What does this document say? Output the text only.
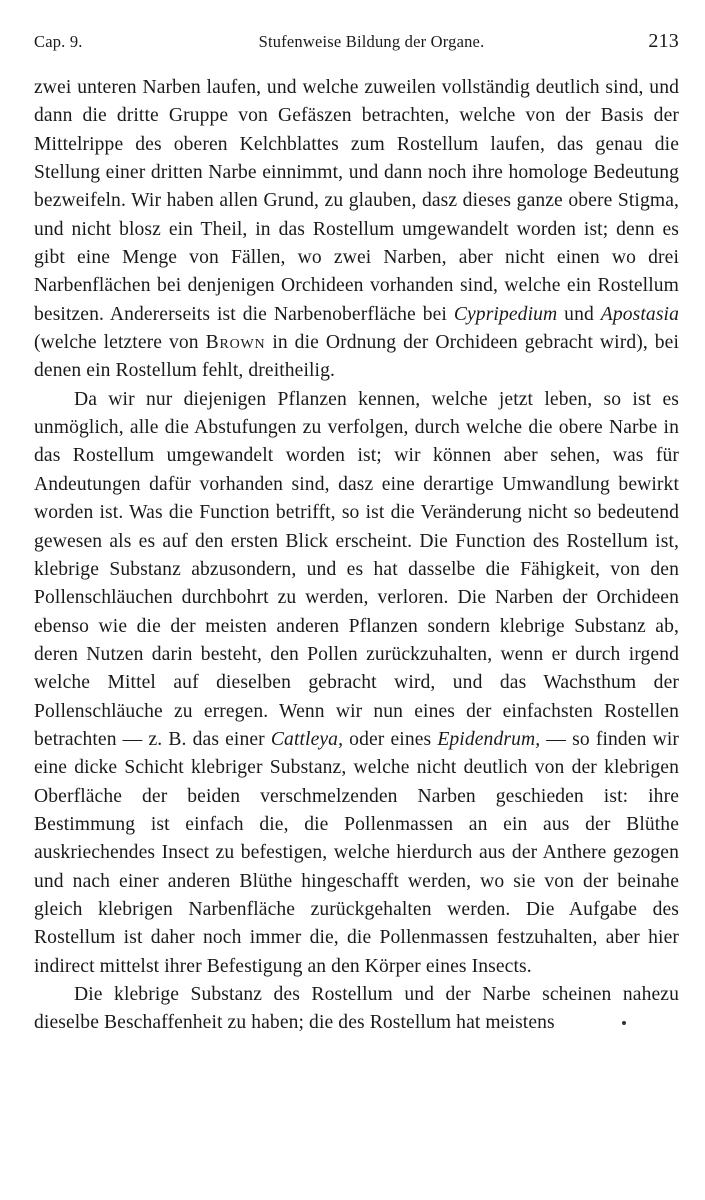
Cap. 9.	Stufenweise Bildung der Organe.	213

zwei unteren Narben laufen, und welche zuweilen vollständig deutlich sind, und dann die dritte Gruppe von Gefäszen betrachten, welche von der Basis der Mittelrippe des oberen Kelchblattes zum Rostellum laufen, das genau die Stellung einer dritten Narbe einnimmt, und dann noch ihre homologe Bedeutung bezweifeln. Wir haben allen Grund, zu glauben, dasz dieses ganze obere Stigma, und nicht blosz ein Theil, in das Rostellum umgewandelt worden ist; denn es gibt eine Menge von Fällen, wo zwei Narben, aber nicht einen wo drei Narbenflächen bei denjenigen Orchideen vorhanden sind, welche ein Rostellum besitzen. Andererseits ist die Narbenoberfläche bei Cypripedium und Apostasia (welche letztere von Brown in die Ordnung der Orchideen gebracht wird), bei denen ein Rostellum fehlt, dreitheilig.

Da wir nur diejenigen Pflanzen kennen, welche jetzt leben, so ist es unmöglich, alle die Abstufungen zu verfolgen, durch welche die obere Narbe in das Rostellum umgewandelt worden ist; wir können aber sehen, was für Andeutungen dafür vorhanden sind, dasz eine derartige Umwandlung bewirkt worden ist. Was die Function betrifft, so ist die Veränderung nicht so bedeutend gewesen als es auf den ersten Blick erscheint. Die Function des Rostellum ist, klebrige Substanz abzusondern, und es hat dasselbe die Fähigkeit, von den Pollenschläuchen durchbohrt zu werden, verloren. Die Narben der Orchideen ebenso wie die der meisten anderen Pflanzen sondern klebrige Substanz ab, deren Nutzen darin besteht, den Pollen zurückzuhalten, wenn er durch irgend welche Mittel auf dieselben gebracht wird, und das Wachsthum der Pollenschläuche zu erregen. Wenn wir nun eines der einfachsten Rostellen betrachten — z. B. das einer Cattleya, oder eines Epidendrum, — so finden wir eine dicke Schicht klebriger Substanz, welche nicht deutlich von der klebrigen Oberfläche der beiden verschmelzenden Narben geschieden ist: ihre Bestimmung ist einfach die, die Pollenmassen an ein aus der Blüthe auskriechendes Insect zu befestigen, welche hierdurch aus der Anthere gezogen und nach einer anderen Blüthe hingeschafft werden, wo sie von der beinahe gleich klebrigen Narbenfläche zurückgehalten werden. Die Aufgabe des Rostellum ist daher noch immer die, die Pollenmassen festzuhalten, aber hier indirect mittelst ihrer Befestigung an den Körper eines Insects.

Die klebrige Substanz des Rostellum und der Narbe scheinen nahezu dieselbe Beschaffenheit zu haben; die des Rostellum hat meistens
